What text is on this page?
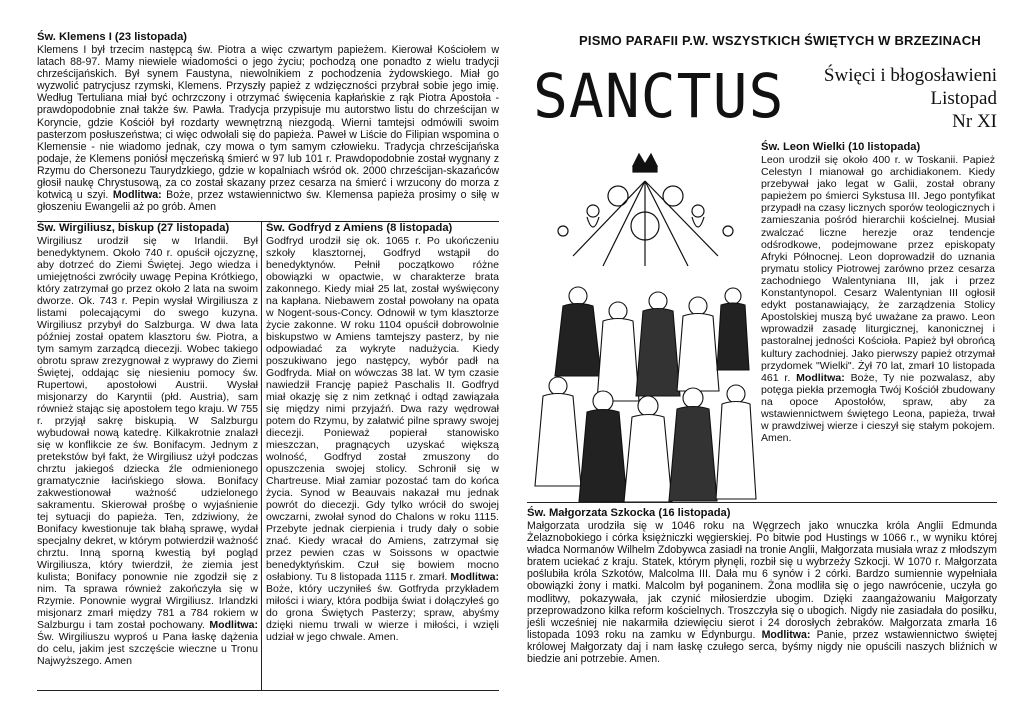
Św. Klemens I (23 listopada)

Klemens I był trzecim następcą św. Piotra a więc czwartym papieżem. Kierował Kościołem w latach 88-97. Mamy niewiele wiadomości o jego życiu; pochodzą one ponadto z wielu tradycji chrześcijańskich. Był synem Faustyna, niewolnikiem z pochodzenia żydowskiego. Miał go wyzwolić patrycjusz rzymski, Klemens. Przyszły papież z wdzięczności przybrał sobie jego imię. Według Tertuliana miał być ochrzczony i otrzymać święcenia kapłańskie z rąk Piotra Apostoła - prawdopodobnie znał także św. Pawła. Tradycja przypisuje mu autorstwo listu do chrześcijan w Koryncie, gdzie Kościół był rozdarty wewnętrzną niezgodą. Wierni tamtejsi odmówili swoim pasterzom posłuszeństwa; ci więc odwołali się do papieża. Paweł w Liście do Filipian wspomina o Klemensie - nie wiadomo jednak, czy mowa o tym samym człowieku. Tradycja chrześcijańska podaje, że Klemens poniósł męczeńską śmierć w 97 lub 101 r. Prawdopodobnie został wygnany z Rzymu do Chersonezu Taurydzkiego, gdzie w kopalniach wśród ok. 2000 chrześcijan-skazańców głosił naukę Chrystusową, za co został skazany przez cesarza na śmierć i wrzucony do morza z kotwicą u szyi. Modlitwa: Boże, przez wstawiennictwo św. Klemensa papieża prosimy o siłę w głoszeniu Ewangelii aż po grób. Amen

Św. Wirgiliusz, biskup (27 listopada)

Wirgiliusz urodził się w Irlandii. Był benedyktynem. Około 740 r. opuścił ojczyznę, aby dotrzeć do Ziemi Świętej. Jego wiedza i umiejętności zwróciły uwagę Pepina Krótkiego, który zatrzymał go przez około 2 lata na swoim dworze. Ok. 743 r. Pepin wysłał Wirgiliusza z listami polecającymi do swego kuzyna. Wirgiliusz przybył do Salzburga. W dwa lata później został opatem klasztoru św. Piotra, a tym samym zarządcą diecezji. Wobec takiego obrotu spraw zrezygnował z wyprawy do Ziemi Świętej, oddając się niesieniu pomocy św. Rupertowi, apostołowi Austrii. Wysłał misjonarzy do Karyntii (płd. Austria), sam również stając się apostołem tego kraju. W 755 r. przyjął sakrę biskupią. W Salzburgu wybudował nową katedrę. Kilkakrotnie znalazł się w konflikcie ze św. Bonifacym. Jednym z pretekstów był fakt, że Wirgiliusz użył podczas chrztu jakiegoś dziecka źle odmienionego gramatycznie łacińskiego słowa. Bonifacy zakwestionował ważność udzielonego sakramentu. Skierował prośbę o wyjaśnienie tej sytuacji do papieża. Ten, zdziwiony, że Bonifacy kwestionuje tak błahą sprawę, wydał specjalny dekret, w którym potwierdził ważność chrztu. Inną sporną kwestią był pogląd Wirgiliusza, który twierdził, że ziemia jest kulista; Bonifacy ponownie nie zgodził się z nim. Ta sprawa również zakończyła się w Rzymie. Ponownie wygrał Wirgiliusz. Irlandzki misjonarz zmarł między 781 a 784 rokiem w Salzburgu i tam został pochowany. Modlitwa: Św. Wirgiliuszu wyproś u Pana łaskę dążenia do celu, jakim jest szczęście wieczne u Tronu Najwyższego. Amen

Św. Godfryd z Amiens (8 listopada)

Godfryd urodził się ok. 1065 r. Po ukończeniu szkoły klasztornej, Godfryd wstąpił do benedyktynów. Pełnił początkowo różne obowiązki w opactwie, w charakterze brata zakonnego. Kiedy miał 25 lat, został wyświęcony na kapłana. Niebawem został powołany na opata w Nogent-sous-Concy. Odnowił w tym klasztorze życie zakonne. W roku 1104 opuścił dobrowolnie biskupstwo w Amiens tamtejszy pasterz, by nie odpowiadać za wykryte nadużycia. Kiedy poszukiwano jego następcy, wybór padł na Godfryda. Miał on wówczas 38 lat. W tym czasie nawiedził Francję papież Paschalis II. Godfryd miał okazję się z nim zetknąć i odtąd zawiązała się między nimi przyjaźń. Dwa razy wędrował potem do Rzymu, by załatwić pilne sprawy swojej diecezji. Ponieważ popierał stanowisko mieszczan, pragnących uzyskać większą wolność, Godfryd został zmuszony do opuszczenia swojej stolicy. Schronił się w Chartreuse. Miał zamiar pozostać tam do końca życia. Synod w Beauvais nakazał mu jednak powrót do diecezji. Gdy tylko wrócił do swojej owczarni, zwołał synod do Chalons w roku 1115. Przebyte jednak cierpienia i trudy dały o sobie znać. Kiedy wracał do Amiens, zatrzymał się przez pewien czas w Soissons w opactwie benedyktyńskim. Czuł się bowiem mocno osłabiony. Tu 8 listopada 1115 r. zmarł. Modlitwa: Boże, który uczyniłeś św. Gotfryda przykładem miłości i wiary, która podbija świat i dołączyłeś go do grona Świętych Pasterzy; spraw, abyśmy dzięki niemu trwali w wierze i miłości, i wzięli udział w jego chwale. Amen.

PISMO PARAFII P.W. WSZYSTKICH ŚWIĘTYCH W BRZEZINACH
SANCTUS Święci i błogosławieni
Listopad
Nr XI
Św. Leon Wielki (10 listopada)

Leon urodził się około 400 r. w Toskanii. Papież Celestyn I mianował go archidiakonem. Kiedy przebywał jako legat w Galii, został obrany papieżem po śmierci Sykstusa III. Jego pontyfikat przypadł na czasy licznych sporów teologicznych i zamieszania pośród hierarchii kościelnej. Musiał zwalczać liczne herezje oraz tendencje odśrodkowe, podejmowane przez episkopaty Afryki Północnej. Leon doprowadził do uznania prymatu stolicy Piotrowej zarówno przez cesarza zachodniego Walentyniana III, jak i przez Konstantynopol. Cesarz Walentynian III ogłosił edykt postanawiający, że zarządzenia Stolicy Apostolskiej muszą być uważane za prawo. Leon wprowadził zasadę liturgicznej, kanonicznej i pastoralnej jedności Kościoła. Papież był obrońcą kultury zachodniej. Jako pierwszy papież otrzymał przydomek "Wielki". Żył 70 lat, zmarł 10 listopada 461 r. Modlitwa: Boże, Ty nie pozwalasz, aby potęga piekła przemogła Twój Kościół zbudowany na opoce Apostołów, spraw, aby za wstawiennictwem świętego Leona, papieża, trwał w prawdziwej wierze i cieszył się stałym pokojem. Amen.

Św. Małgorzata Szkocka (16 listopada)

Małgorzata urodziła się w 1046 roku na Węgrzech jako wnuczka króla Anglii Edmunda Żelaznobokiego i córka księżniczki węgierskiej. Po bitwie pod Hustings w 1066 r., w wyniku której władca Normanów Wilhelm Zdobywca zasiadł na tronie Anglii, Małgorzata musiała wraz z młodszym bratem uciekać z kraju. Statek, którym płynęli, rozbił się u wybrzeży Szkocji. W 1070 r. Małgorzata poślubiła króla Szkotów, Malcolma III. Dała mu 6 synów i 2 córki. Bardzo sumiennie wypełniała obowiązki żony i matki. Malcolm był poganinem. Żona modliła się o jego nawrócenie, uczyła go modlitwy, pokazywała, jak czynić miłosierdzie ubogim. Dzięki zaangażowaniu Małgorzaty przeprowadzono kilka reform kościelnych. Troszczyła się o ubogich. Nigdy nie zasiadała do posiłku, jeśli wcześniej nie nakarmiła dziewięciu sierot i 24 dorosłych żebraków. Małgorzata zmarła 16 listopada 1093 roku na zamku w Edynburgu. Modlitwa: Panie, przez wstawiennictwo świętej królowej Małgorzaty daj i nam łaskę czułego serca, byśmy nigdy nie opuścili naszych bliźnich w biedzie ani potrzebie. Amen.
